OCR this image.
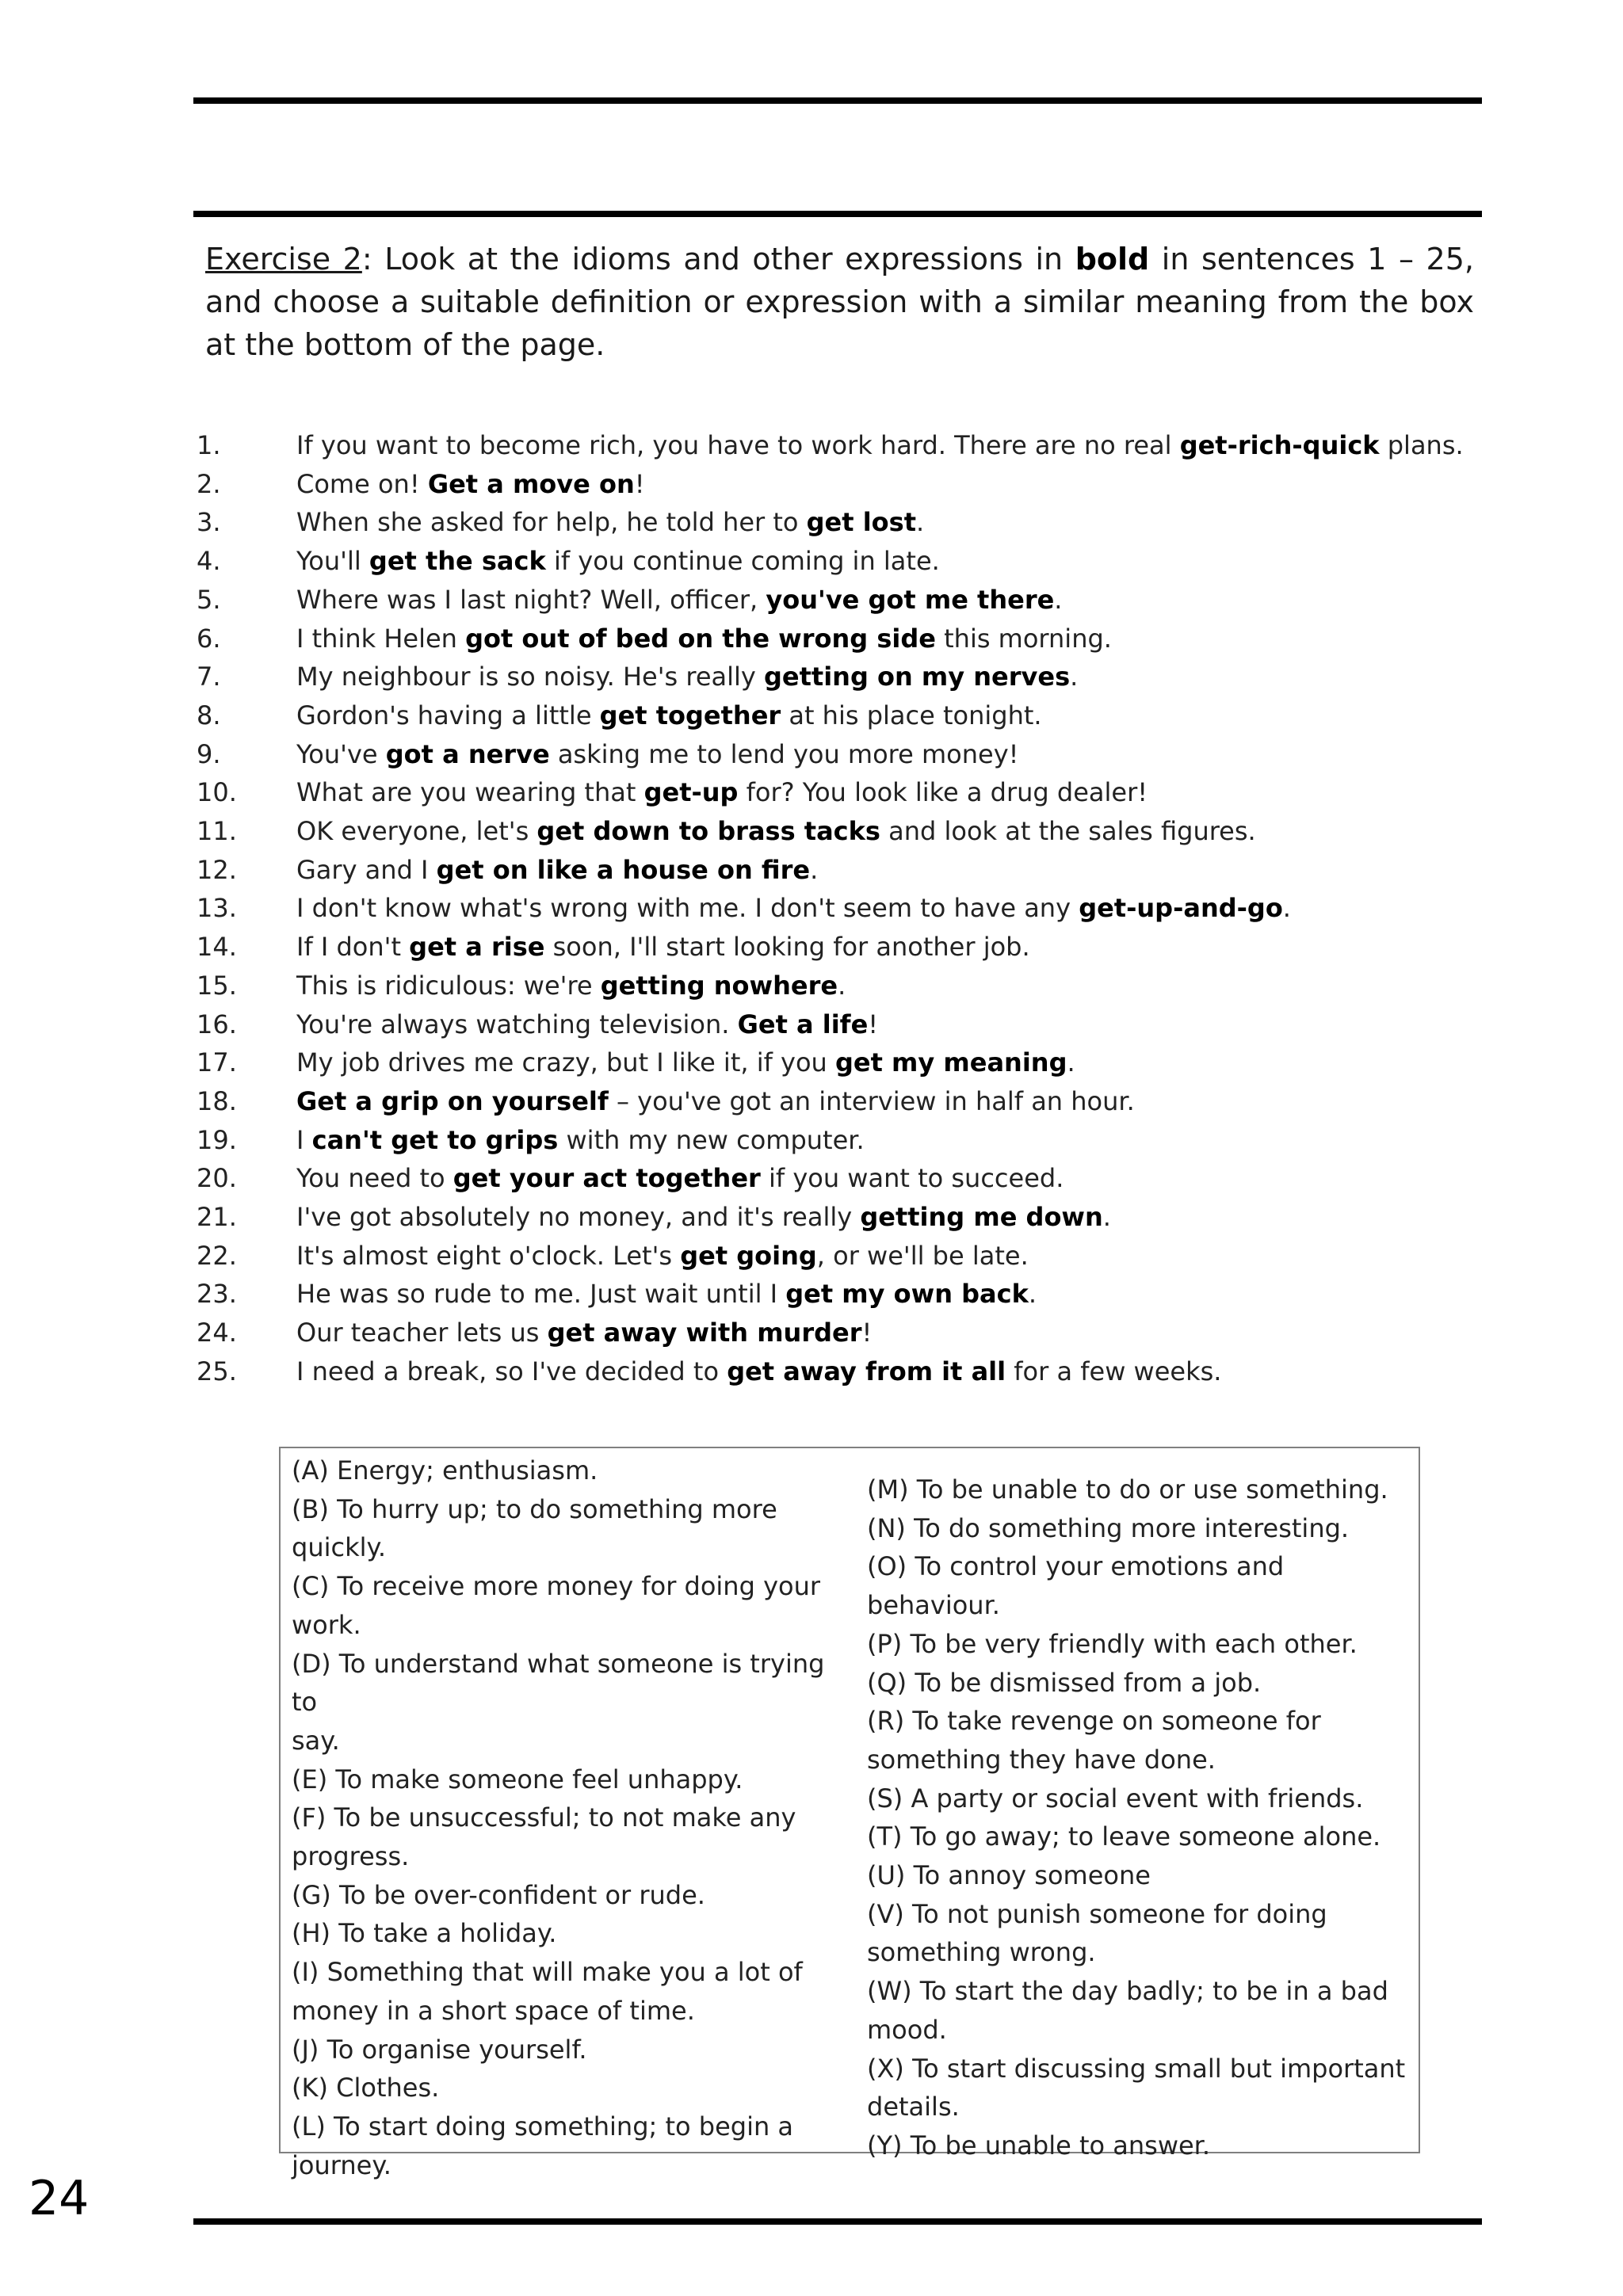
Exercise 2: Look at the idioms and other expressions in bold in sentences 1 – 25, and choose a suitable definition or expression with a similar meaning from the box at the bottom of the page.

1.	If you want to become rich, you have to work hard. There are no real get-rich-quick plans.
2.	Come on! Get a move on!
3.	When she asked for help, he told her to get lost.
4.	You'll get the sack if you continue coming in late.
5.	Where was I last night? Well, officer, you've got me there.
6.	I think Helen got out of bed on the wrong side this morning.
7.	My neighbour is so noisy. He's really getting on my nerves.
8.	Gordon's having a little get together at his place tonight.
9.	You've got a nerve asking me to lend you more money!
10.	What are you wearing that get-up for? You look like a drug dealer!
11.	OK everyone, let's get down to brass tacks and look at the sales figures.
12.	Gary and I get on like a house on fire.
13.	I don't know what's wrong with me. I don't seem to have any get-up-and-go.
14.	If I don't get a rise soon, I'll start looking for another job.
15.	This is ridiculous: we're getting nowhere.
16.	You're always watching television. Get a life!
17.	My job drives me crazy, but I like it, if you get my meaning.
18.	Get a grip on yourself – you've got an interview in half an hour.
19.	I can't get to grips with my new computer.
20.	You need to get your act together if you want to succeed.
21.	I've got absolutely no money, and it's really getting me down.
22.	It's almost eight o'clock. Let's get going, or we'll be late.
23.	He was so rude to me. Just wait until I get my own back.
24.	Our teacher lets us get away with murder!
25.	I need a break, so I've decided to get away from it all for a few weeks.
(A) Energy; enthusiasm.
(B) To hurry up; to do something more
quickly.
(C) To receive more money for doing your
work.
(D) To understand what someone is trying to
say.
(E) To make someone feel unhappy.
(F) To be unsuccessful; to not make any
progress.
(G) To be over-confident or rude.
(H) To take a holiday.
(I) Something that will make you a lot of
money in a short space of time.
(J) To organise yourself.
(K) Clothes.
(L) To start doing something; to begin a
journey.
(M) To be unable to do or use something.
(N) To do something more interesting.
(O) To control your emotions and behaviour.
(P) To be very friendly with each other.
(Q) To be dismissed from a job.
(R) To take revenge on someone for
something they have done.
(S) A party or social event with friends.
(T) To go away; to leave someone alone.
(U) To annoy someone
(V) To not punish someone for doing
something wrong.
(W) To start the day badly; to be in a bad
mood.
(X) To start discussing small but important
details.
(Y) To be unable to answer.
24
